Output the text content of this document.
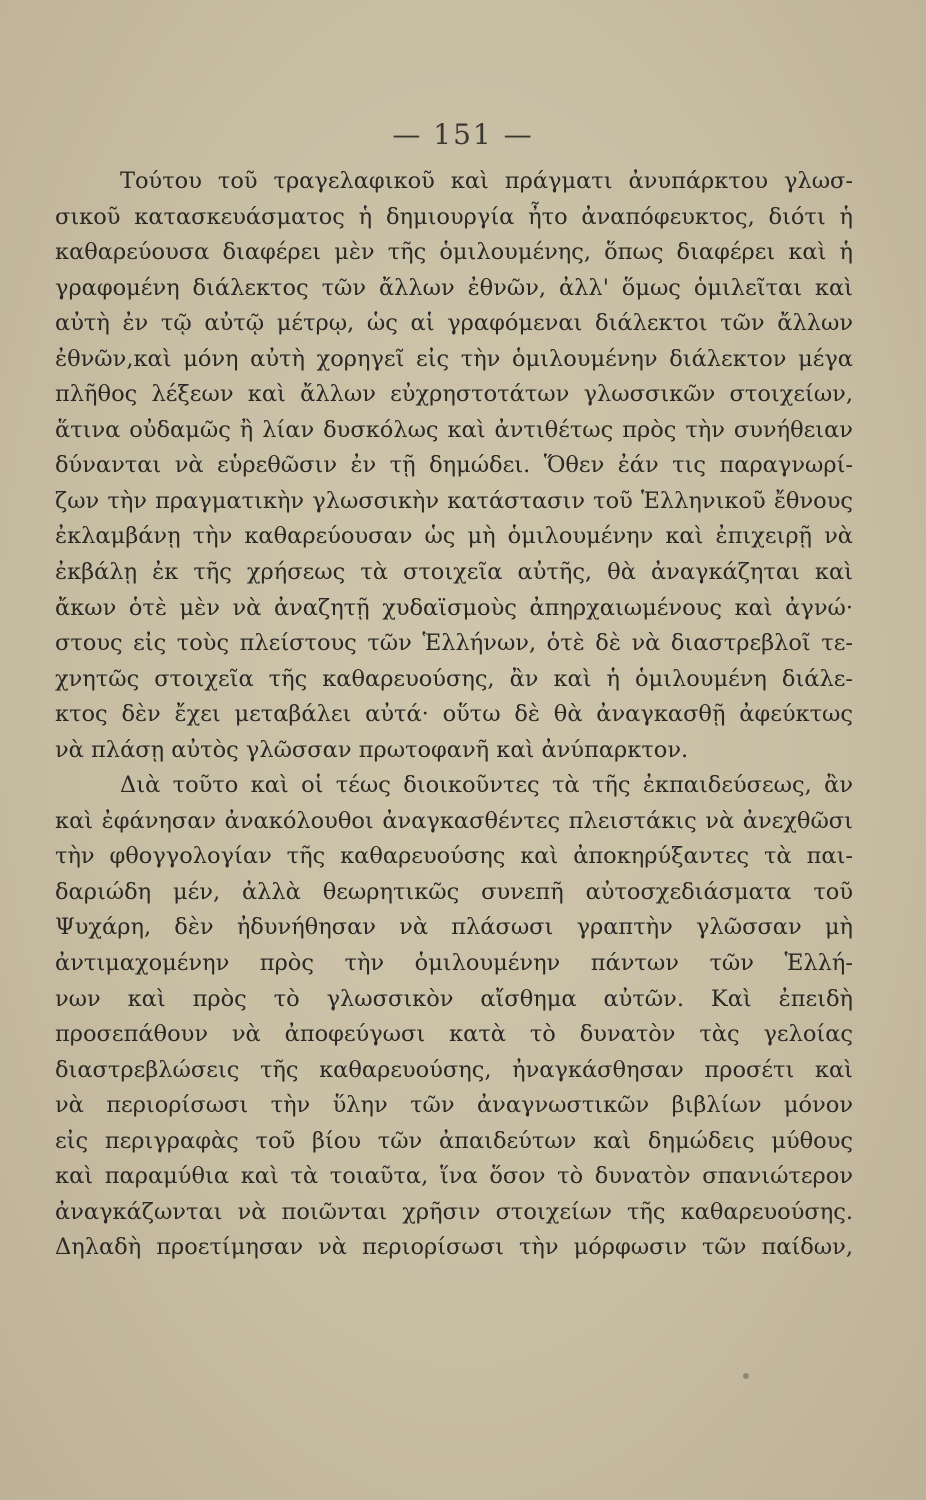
— 151 —
Τούτου τοῦ τραγελαφικοῦ καὶ πράγματι ἀνυπάρκτου γλωσ-
σικοῦ κατασκευάσματος ἡ δημιουργία ἦτο ἀναπόφευκτος, διότι ἡ
καθαρεύουσα διαφέρει μὲν τῆς ὁμιλουμένης, ὅπως διαφέρει καὶ ἡ
γραφομένη διάλεκτος τῶν ἄλλων ἐθνῶν, ἀλλ' ὅμως ὁμιλεῖται καὶ
αὐτὴ ἐν τῷ αὐτῷ μέτρῳ, ὡς αἱ γραφόμεναι διάλεκτοι τῶν ἄλλων
ἐθνῶν,καὶ μόνη αὐτὴ χορηγεῖ εἰς τὴν ὁμιλουμένην διάλεκτον μέγα
πλῆθος λέξεων καὶ ἄλλων εὐχρηστοτάτων γλωσσικῶν στοιχείων,
ἅτινα οὐδαμῶς ἢ λίαν δυσκόλως καὶ ἀντιθέτως πρὸς τὴν συνήθειαν
δύνανται νὰ εὑρεθῶσιν ἐν τῇ δημώδει. Ὅθεν ἐάν τις παραγνωρί-
ζων τὴν πραγματικὴν γλωσσικὴν κατάστασιν τοῦ Ἑλληνικοῦ ἔθνους
ἐκλαμβάνῃ τὴν καθαρεύουσαν ὡς μὴ ὁμιλουμένην καὶ ἐπιχειρῇ νὰ
ἐκβάλῃ ἐκ τῆς χρήσεως τὰ στοιχεῖα αὐτῆς, θὰ ἀναγκάζηται καὶ
ἄκων ὁτὲ μὲν νὰ ἀναζητῇ χυδαϊσμοὺς ἀπηρχαιωμένους καὶ ἀγνώ·
στους εἰς τοὺς πλείστους τῶν Ἑλλήνων, ὁτὲ δὲ νὰ διαστρεβλοῖ τε-
χνητῶς στοιχεῖα τῆς καθαρευούσης, ἂν καὶ ἡ ὁμιλουμένη διάλε-
κτος δὲν ἔχει μεταβάλει αὐτά· οὕτω δὲ θὰ ἀναγκασθῇ ἀφεύκτως
νὰ πλάσῃ αὐτὸς γλῶσσαν πρωτοφανῆ καὶ ἀνύπαρκτον.
Διὰ τοῦτο καὶ οἱ τέως διοικοῦντες τὰ τῆς ἐκπαιδεύσεως, ἂν
καὶ ἐφάνησαν ἀνακόλουθοι ἀναγκασθέντες πλειστάκις νὰ ἀνεχθῶσι
τὴν φθογγολογίαν τῆς καθαρευούσης καὶ ἀποκηρύξαντες τὰ παι-
δαριώδη μέν, ἀλλὰ θεωρητικῶς συνεπῆ αὐτοσχεδιάσματα τοῦ
Ψυχάρη, δὲν ἠδυνήθησαν νὰ πλάσωσι γραπτὴν γλῶσσαν μὴ
ἀντιμαχομένην πρὸς τὴν ὁμιλουμένην πάντων τῶν Ἑλλή-
νων καὶ πρὸς τὸ γλωσσικὸν αἴσθημα αὐτῶν. Καὶ ἐπειδὴ
προσεπάθουν νὰ ἀποφεύγωσι κατὰ τὸ δυνατὸν τὰς γελοίας
διαστρεβλώσεις τῆς καθαρευούσης, ἠναγκάσθησαν προσέτι καὶ
νὰ περιορίσωσι τὴν ὕλην τῶν ἀναγνωστικῶν βιβλίων μόνον
εἰς περιγραφὰς τοῦ βίου τῶν ἀπαιδεύτων καὶ δημώδεις μύθους
καὶ παραμύθια καὶ τὰ τοιαῦτα, ἵνα ὅσον τὸ δυνατὸν σπανιώτερον
ἀναγκάζωνται νὰ ποιῶνται χρῆσιν στοιχείων τῆς καθαρευούσης.
Δηλαδὴ προετίμησαν νὰ περιορίσωσι τὴν μόρφωσιν τῶν παίδων,
